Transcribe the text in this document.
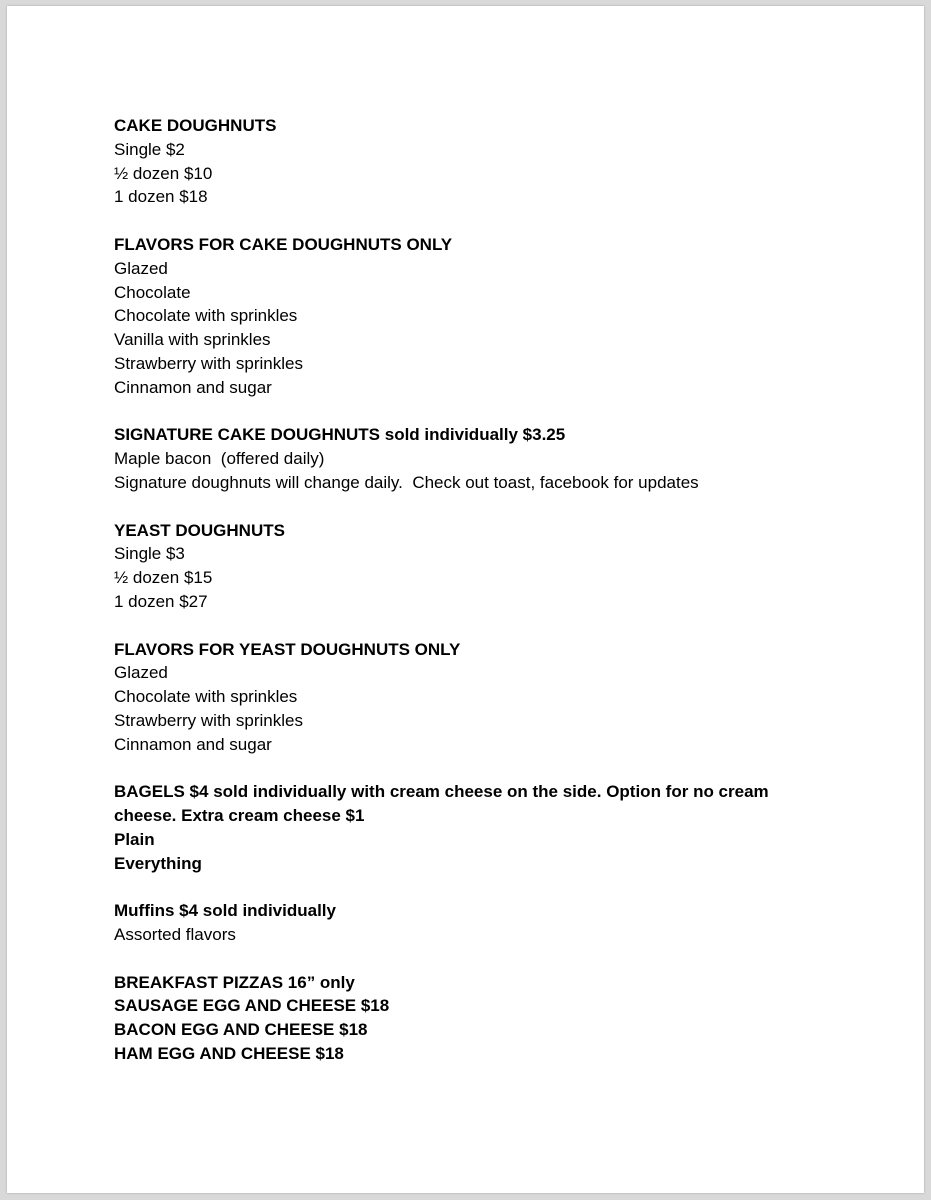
CAKE DOUGHNUTS
Single $2
½ dozen $10
1 dozen $18
FLAVORS FOR CAKE DOUGHNUTS ONLY
Glazed
Chocolate
Chocolate with sprinkles
Vanilla with sprinkles
Strawberry with sprinkles
Cinnamon and sugar
SIGNATURE CAKE DOUGHNUTS sold individually $3.25
Maple bacon  (offered daily)
Signature doughnuts will change daily.  Check out toast, facebook for updates
YEAST DOUGHNUTS
Single $3
½ dozen $15
1 dozen $27
FLAVORS FOR YEAST DOUGHNUTS ONLY
Glazed
Chocolate with sprinkles
Strawberry with sprinkles
Cinnamon and sugar
BAGELS $4 sold individually with cream cheese on the side. Option for no cream cheese. Extra cream cheese $1
Plain
Everything
Muffins $4 sold individually
Assorted flavors
BREAKFAST PIZZAS 16” only
SAUSAGE EGG AND CHEESE $18
BACON EGG AND CHEESE $18
HAM EGG AND CHEESE $18
